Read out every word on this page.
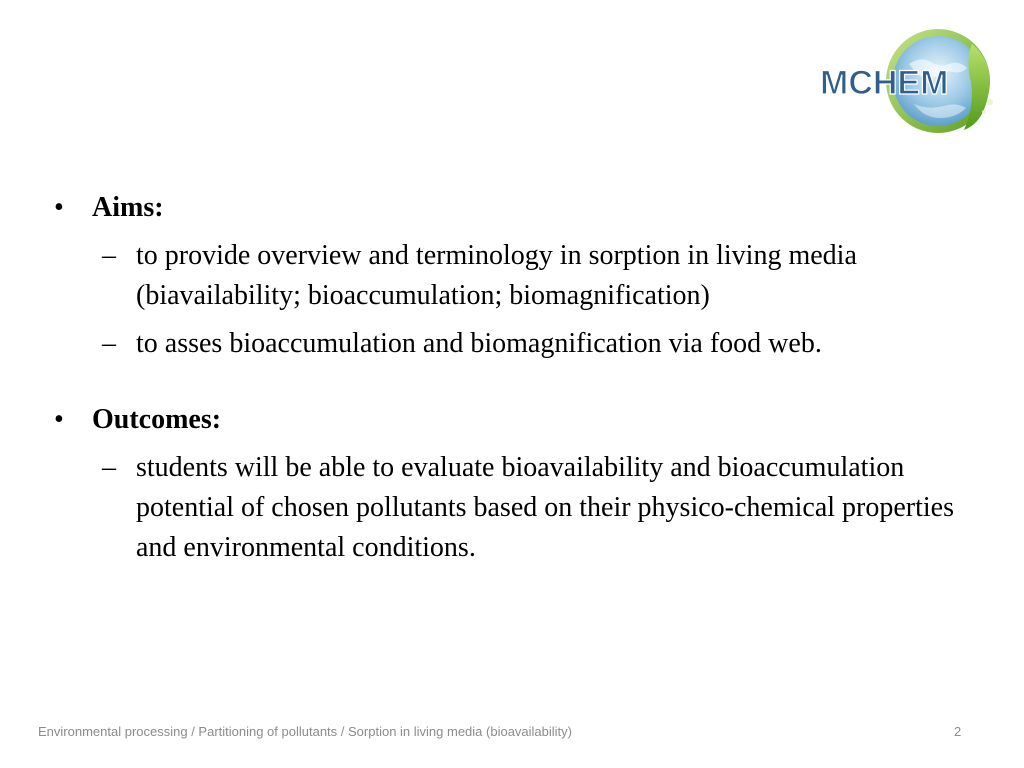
MCHEM
•	Aims:
– to provide overview and terminology in sorption in living media (biavailability; bioaccumulation; biomagnification)
– to asses bioaccumulation and biomagnification via food web.
•	Outcomes:
– students will be able to evaluate bioavailability and bioaccumulation potential of chosen pollutants based on their physico-chemical properties and environmental conditions.
Environmental processing / Partitioning of pollutants / Sorption in living media (bioavailability)	2
